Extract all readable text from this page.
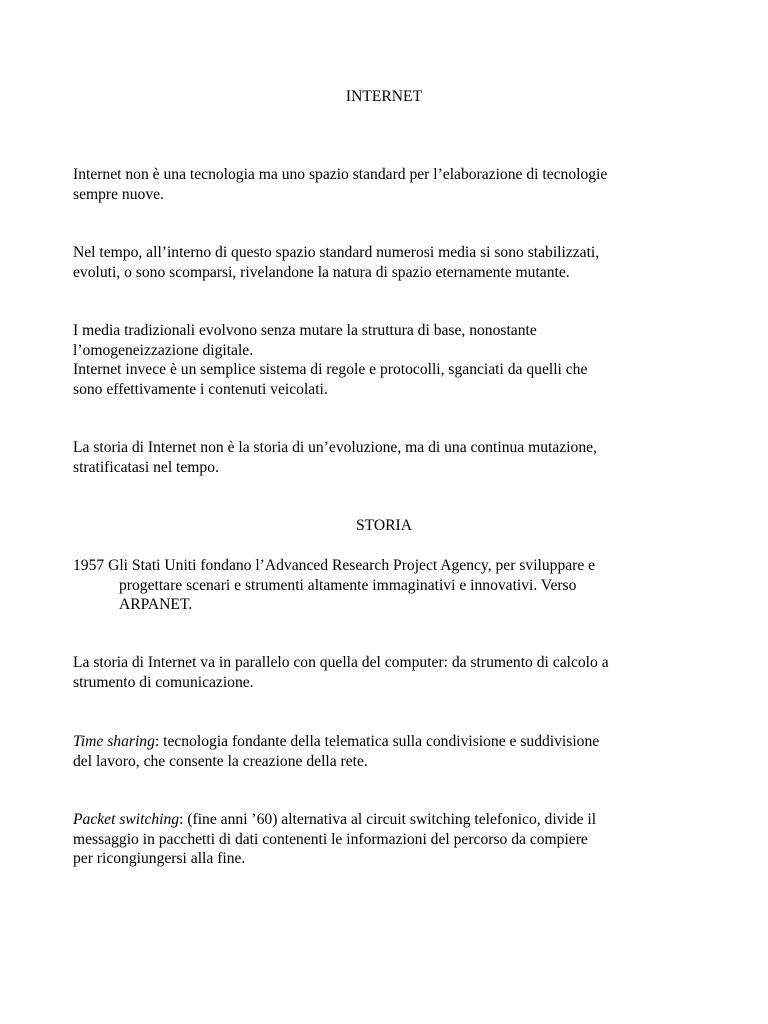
INTERNET

Internet non è una tecnologia ma uno spazio standard per l’elaborazione di tecnologie
sempre nuove.

Nel tempo, all’interno di questo spazio standard numerosi media si sono stabilizzati,
evoluti, o sono scomparsi, rivelandone la natura di spazio eternamente mutante.

I media tradizionali evolvono senza mutare la struttura di base, nonostante
l’omogeneizzazione digitale.
Internet invece è un semplice sistema di regole e protocolli, sganciati da quelli che
sono effettivamente i contenuti veicolati.

La storia di Internet non è la storia di un’evoluzione, ma di una continua mutazione,
stratificatasi nel tempo.

STORIA
1957 Gli Stati Uniti fondano l’Advanced Research Project Agency, per sviluppare e
progettare scenari e strumenti altamente immaginativi e innovativi. Verso
ARPANET.

La storia di Internet va in parallelo con quella del computer: da strumento di calcolo a
strumento di comunicazione.

Time sharing: tecnologia fondante della telematica sulla condivisione e suddivisione
del lavoro, che consente la creazione della rete.

Packet switching: (fine anni ’60) alternativa al circuit switching telefonico, divide il
messaggio in pacchetti di dati contenenti le informazioni del percorso da compiere
per ricongiungersi alla fine.
